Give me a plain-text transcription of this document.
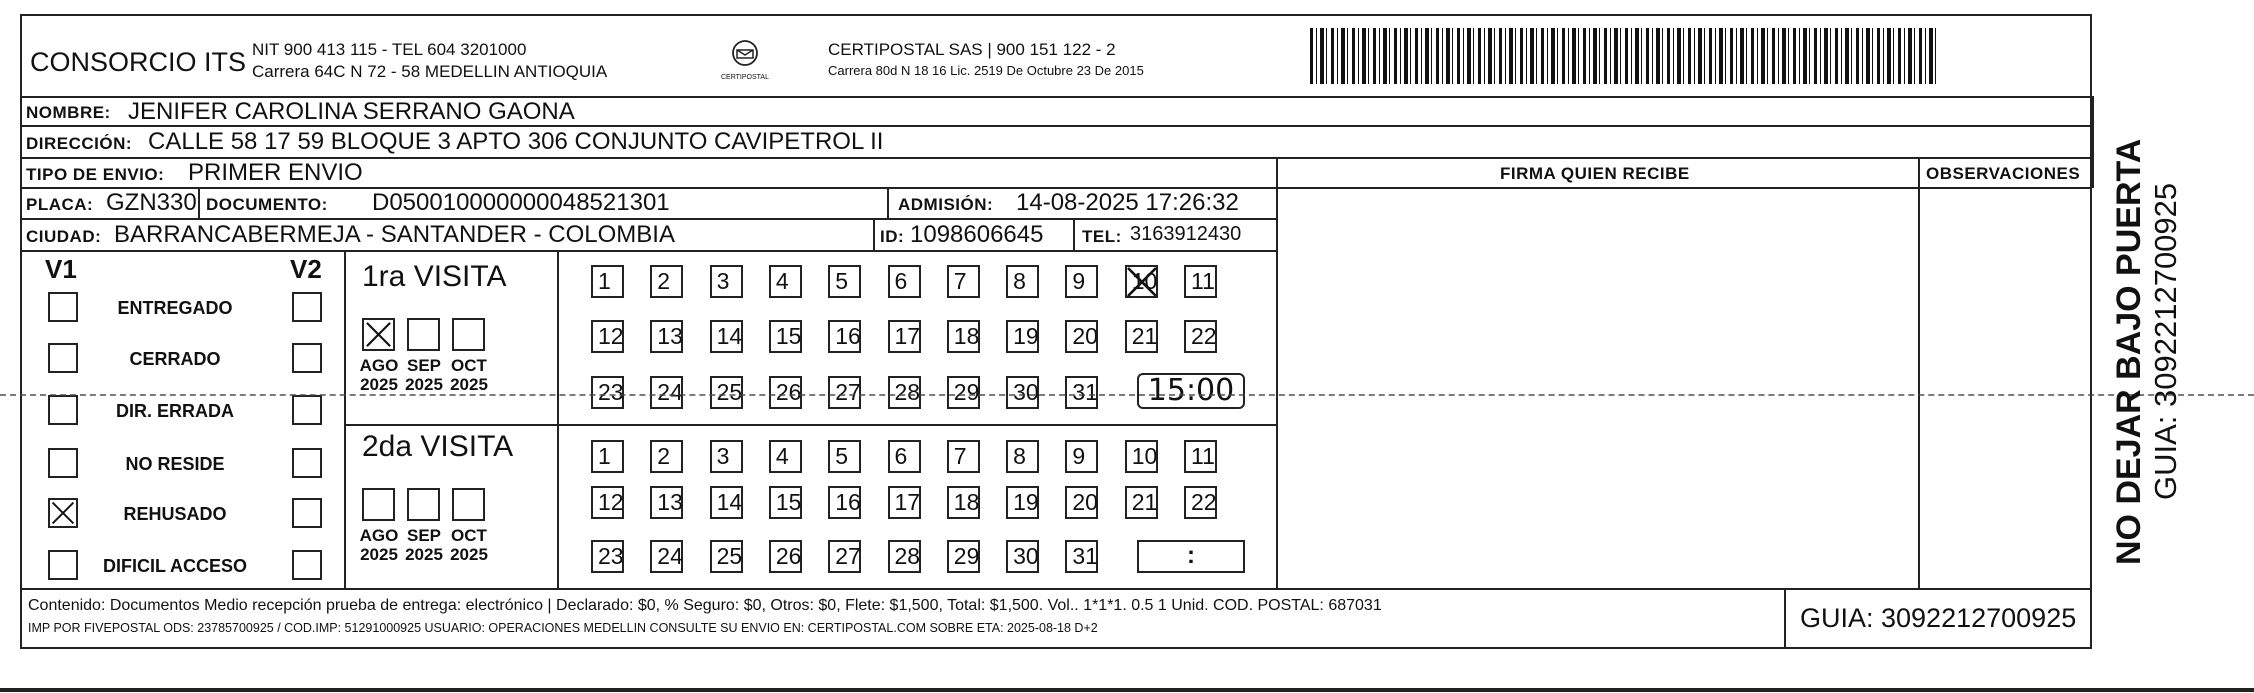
CONSORCIO ITS NIT 900 413 115 - TEL 604 3201000
Carrera 64C N 72 - 58 MEDELLIN ANTIOQUIA	CERTIPOSTAL
CERTIPOSTAL SAS | 900 151 122 - 2
Carrera 80d N 18 16 Lic. 2519 De Octubre 23 De 2015
NOMBRE: JENIFER CAROLINA SERRANO GAONA
DIRECCIÓN: CALLE 58 17 59 BLOQUE 3 APTO 306 CONJUNTO CAVIPETROL II
TIPO DE ENVIO: PRIMER ENVIO
PLACA: GZN330 DOCUMENTO: D050010000000048521301	ADMISIÓN: 14-08-2025 17:26:32
CIUDAD: BARRANCABERMEJA - SANTANDER - COLOMBIA	ID: 1098606645 TEL: 3163912430
FIRMA QUIEN RECIBE	OBSERVACIONES
V1	V2
ENTREGADO
CERRADO
DIR. ERRADA
NO RESIDE
REHUSADO
DIFICIL ACCESO
1ra VISITA
2da VISITA
AGO
2025
SEP
2025
OCT
2025
AGO
2025
SEP
2025
OCT
2025
1	2	3	4	5	6	7	8	9	10	11
12	13	14	15	16	17	18	19	20	21	22
23	24	25	26	27	28	29	30	31
1	2	3	4	5	6	7	8	9	10	11
12	13	14	15	16	17	18	19	20	21	22
23	24	25	26	27	28	29	30	31
15:00
:
Contenido: Documentos Medio recepción prueba de entrega: electrónico | Declarado: $0, % Seguro: $0, Otros: $0, Flete: $1,500, Total: $1,500. Vol.. 1*1*1. 0.5 1 Unid. COD. POSTAL: 687031
IMP POR FIVEPOSTAL ODS: 23785700925 / COD.IMP: 51291000925 USUARIO: OPERACIONES MEDELLIN CONSULTE SU ENVIO EN: CERTIPOSTAL.COM SOBRE ETA: 2025-08-18 D+2	GUIA: 3092212700925
NO DEJAR BAJO PUERTA GUIA: 3092212700925
